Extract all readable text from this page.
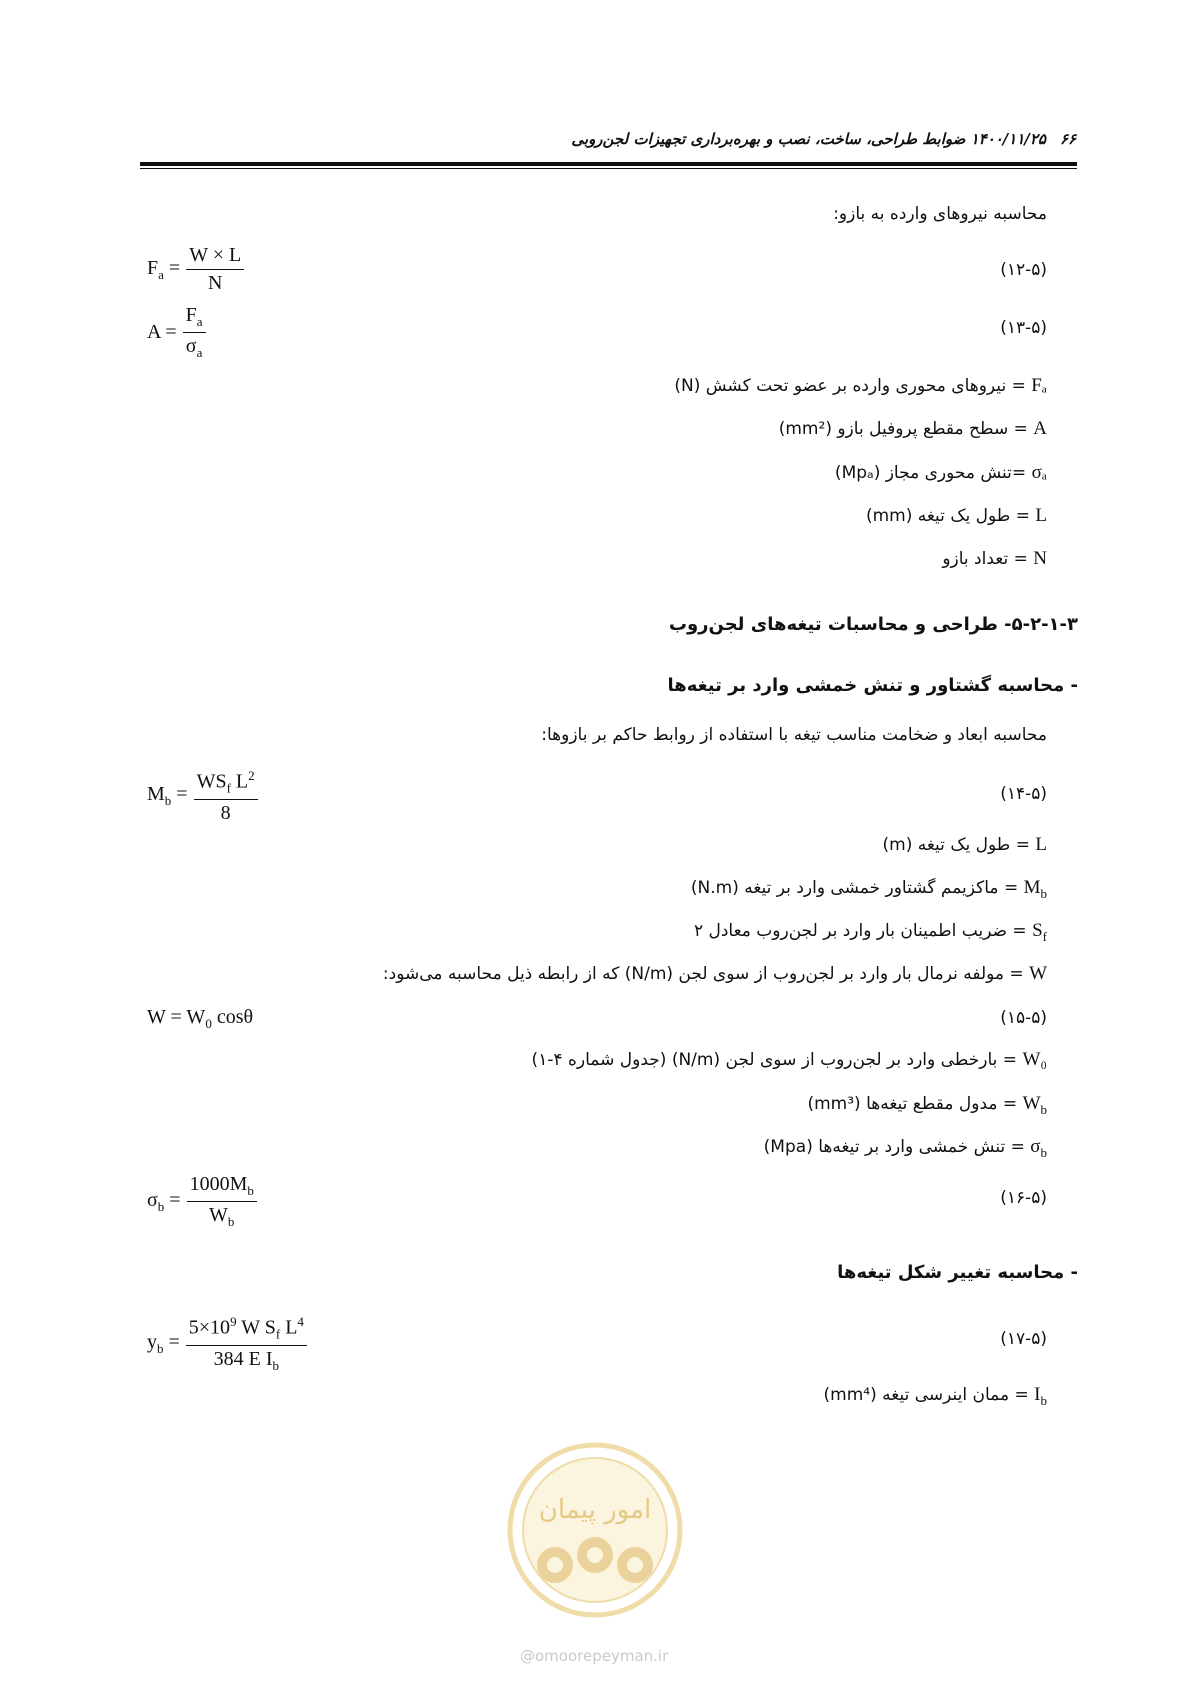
۱۴۰۰/۱۱/۲۵ ضوابط طراحی، ساخت، نصب و بهره‌برداری تجهیزات لجن‌روبی ۶۶
محاسبه نیروهای وارده به بازو:
$F_a = \frac{W \times L}{N}$	(۱۲-۵)
$A = \frac{F_a}{\sigma_a}$	(۱۳-۵)
Fₐ = نیروهای محوری وارده بر عضو تحت کشش (N)
A = سطح مقطع پروفیل بازو (mm²)
σₐ =تنش محوری مجاز (Mpₐ)
L = طول یک تیغه (mm)
N = تعداد بازو
۵-۲-۱-۳- طراحی و محاسبات تیغه‌های لجن‌روب
- محاسبه گشتاور و تنش خمشی وارد بر تیغه‌ها
محاسبه ابعاد و ضخامت مناسب تیغه با استفاده از روابط حاکم بر بازوها:
$M_b = \frac{WS_f L^2}{8}$	(۱۴-۵)
L = طول یک تیغه (m)
$M_b$ = ماکزیمم گشتاور خمشی وارد بر تیغه (N.m)
$S_f$ = ضریب اطمینان بار وارد بر لجن‌روب معادل ۲
W = مولفه نرمال بار وارد بر لجن‌روب از سوی لجن (N/m) که از رابطه ذیل محاسبه می‌شود:
$W = W_0$ cosθ	(۱۵-۵)
W₀ = بارخطی وارد بر لجن‌روب از سوی لجن (N/m) (جدول شماره ۴-۱)
$W_b$ = مدول مقطع تیغه‌ها (mm³)
$\sigma_b$ = تنش خمشی وارد بر تیغه‌ها (Mpa)
$\sigma_b = \frac{1000M_b}{W_b}$	(۱۶-۵)
- محاسبه تغییر شکل تیغه‌ها
$y_b = \frac{5\times 10^9 W S_f L^4}{384 E I_b}$	(۱۷-۵)
$I_b$ = ممان اینرسی تیغه (mm⁴)
امور پیمان
@omoorepeyman.ir
